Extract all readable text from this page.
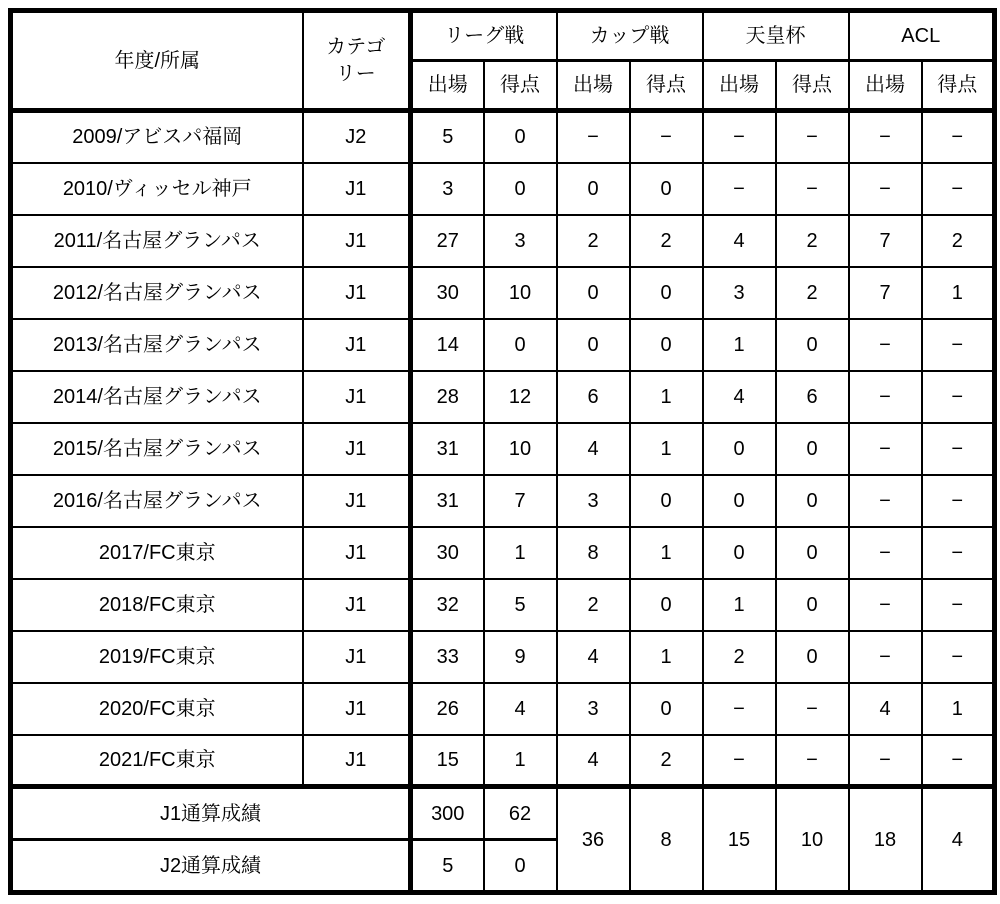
年度/所属	カテゴリー	リーグ戦		カップ戦		天皇杯		ACL	
		出場	得点	出場	得点	出場	得点	出場	得点
2009/アビスパ福岡	J2	5	0	−	−	−	−	−	−
2010/ヴィッセル神戸	J1	3	0	0	0	−	−	−	−
2011/名古屋グランパス	J1	27	3	2	2	4	2	7	2
2012/名古屋グランパス	J1	30	10	0	0	3	2	7	1
2013/名古屋グランパス	J1	14	0	0	0	1	0	−	−
2014/名古屋グランパス	J1	28	12	6	1	4	6	−	−
2015/名古屋グランパス	J1	31	10	4	1	0	0	−	−
2016/名古屋グランパス	J1	31	7	3	0	0	0	−	−
2017/FC東京	J1	30	1	8	1	0	0	−	−
2018/FC東京	J1	32	5	2	0	1	0	−	−
2019/FC東京	J1	33	9	4	1	2	0	−	−
2020/FC東京	J1	26	4	3	0	−	−	4	1
2021/FC東京	J1	15	1	4	2	−	−	−	−
J1通算成績		300	62	36	8	15	10	18	4
J2通算成績		5	0						
